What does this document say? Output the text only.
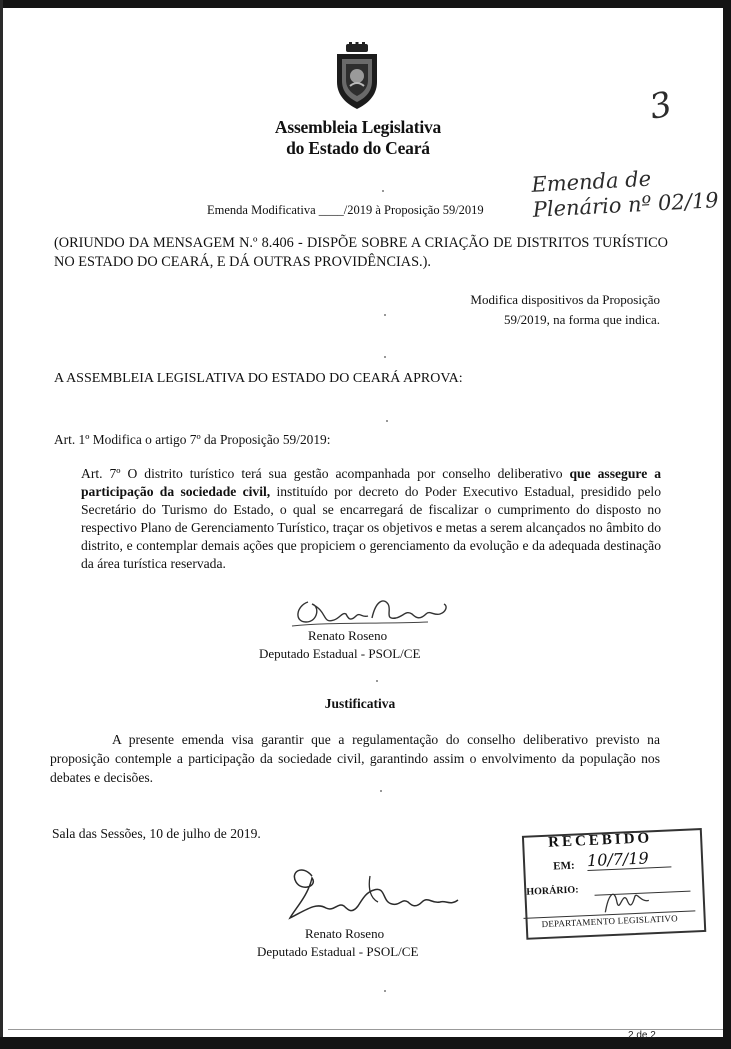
2 de 2
Assembleia Legislativa
do Estado do Ceará
3
Emenda de
Plenário nº 02/19
Emenda Modificativa ____/2019 à Proposição 59/2019
(ORIUNDO DA MENSAGEM N.º 8.406 - DISPÕE SOBRE A CRIAÇÃO DE DISTRITOS TURÍSTICO NO ESTADO DO CEARÁ, E DÁ OUTRAS PROVIDÊNCIAS.).
Modifica dispositivos da Proposição
59/2019, na forma que indica.
A ASSEMBLEIA LEGISLATIVA DO ESTADO DO CEARÁ APROVA:
Art. 1º Modifica o artigo 7º da Proposição 59/2019:
Art. 7º O distrito turístico terá sua gestão acompanhada por conselho deliberativo que assegure a participação da sociedade civil, instituído por decreto do Poder Executivo Estadual, presidido pelo Secretário do Turismo do Estado, o qual se encarregará de fiscalizar o cumprimento do disposto no respectivo Plano de Gerenciamento Turístico, traçar os objetivos e metas a serem alcançados no âmbito do distrito, e contemplar demais ações que propiciem o gerenciamento da evolução e da adequada destinação da área turística reservada.
Renato Roseno
Deputado Estadual - PSOL/CE
Justificativa
A presente emenda visa garantir que a regulamentação do conselho deliberativo previsto na proposição contemple a participação da sociedade civil, garantindo assim o envolvimento da população nos debates e decisões.
Sala das Sessões, 10 de julho de 2019.	RECEBIDO
EM: 10/7/19
HORÁRIO:
DEPARTAMENTO LEGISLATIVO
Renato Roseno
Deputado Estadual - PSOL/CE
